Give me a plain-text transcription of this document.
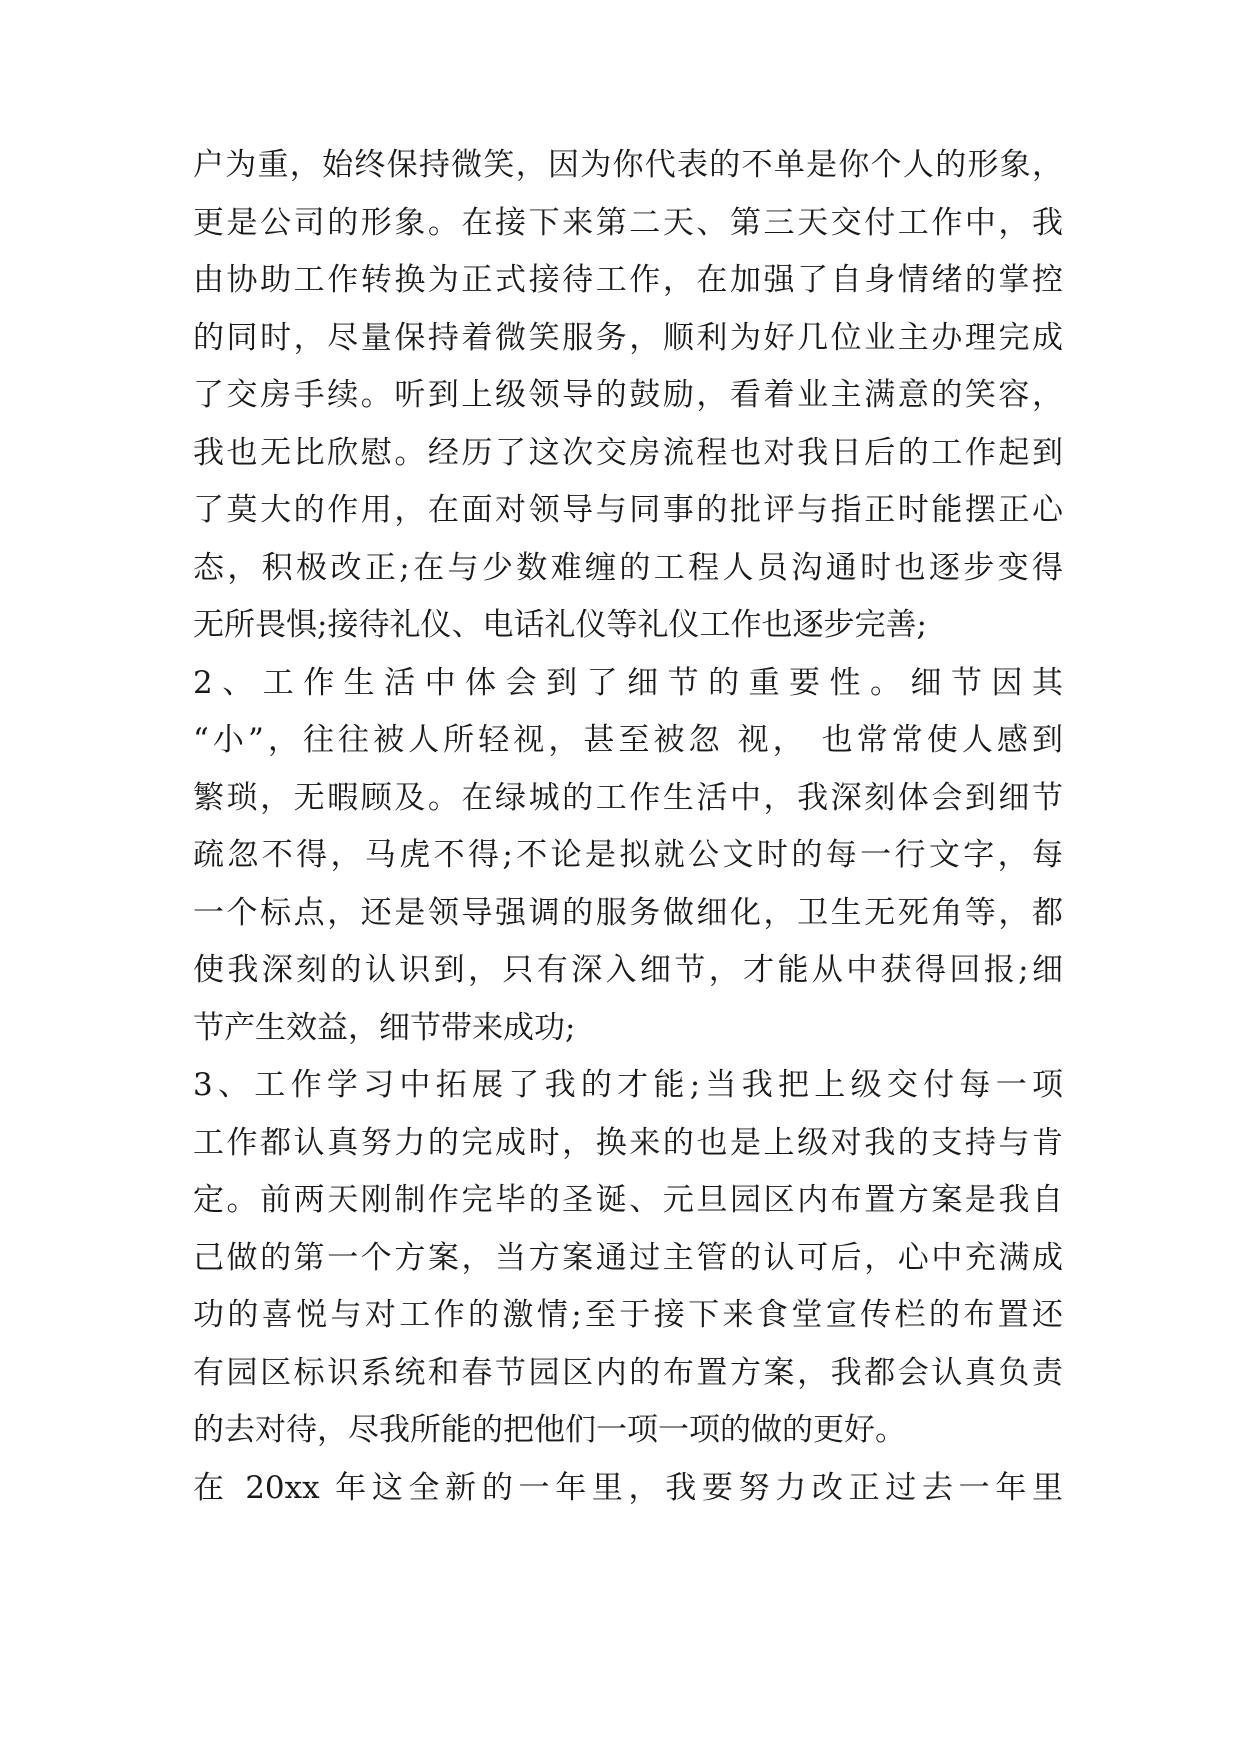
户为重，始终保持微笑，因为你代表的不单是你个人的形象，
更是公司的形象。在接下来第二天、第三天交付工作中，我
由协助工作转换为正式接待工作，在加强了自身情绪的掌控
的同时，尽量保持着微笑服务，顺利为好几位业主办理完成
了交房手续。听到上级领导的鼓励，看着业主满意的笑容，
我也无比欣慰。经历了这次交房流程也对我日后的工作起到
了莫大的作用，在面对领导与同事的批评与指正时能摆正心
态，积极改正;在与少数难缠的工程人员沟通时也逐步变得
无所畏惧;接待礼仪、电话礼仪等礼仪工作也逐步完善;
2、工作生活中体会到了细节的重要性。细节因其
“小”，往往被人所轻视，甚至被忽 视， 也常常使人感到
繁琐，无暇顾及。在绿城的工作生活中，我深刻体会到细节
疏忽不得，马虎不得;不论是拟就公文时的每一行文字，每
一个标点，还是领导强调的服务做细化，卫生无死角等，都
使我深刻的认识到，只有深入细节，才能从中获得回报;细
节产生效益，细节带来成功;
3、工作学习中拓展了我的才能;当我把上级交付每一项
工作都认真努力的完成时，换来的也是上级对我的支持与肯
定。前两天刚制作完毕的圣诞、元旦园区内布置方案是我自
己做的第一个方案，当方案通过主管的认可后，心中充满成
功的喜悦与对工作的激情;至于接下来食堂宣传栏的布置还
有园区标识系统和春节园区内的布置方案，我都会认真负责
的去对待，尽我所能的把他们一项一项的做的更好。
在 20xx 年这全新的一年里，我要努力改正过去一年里
